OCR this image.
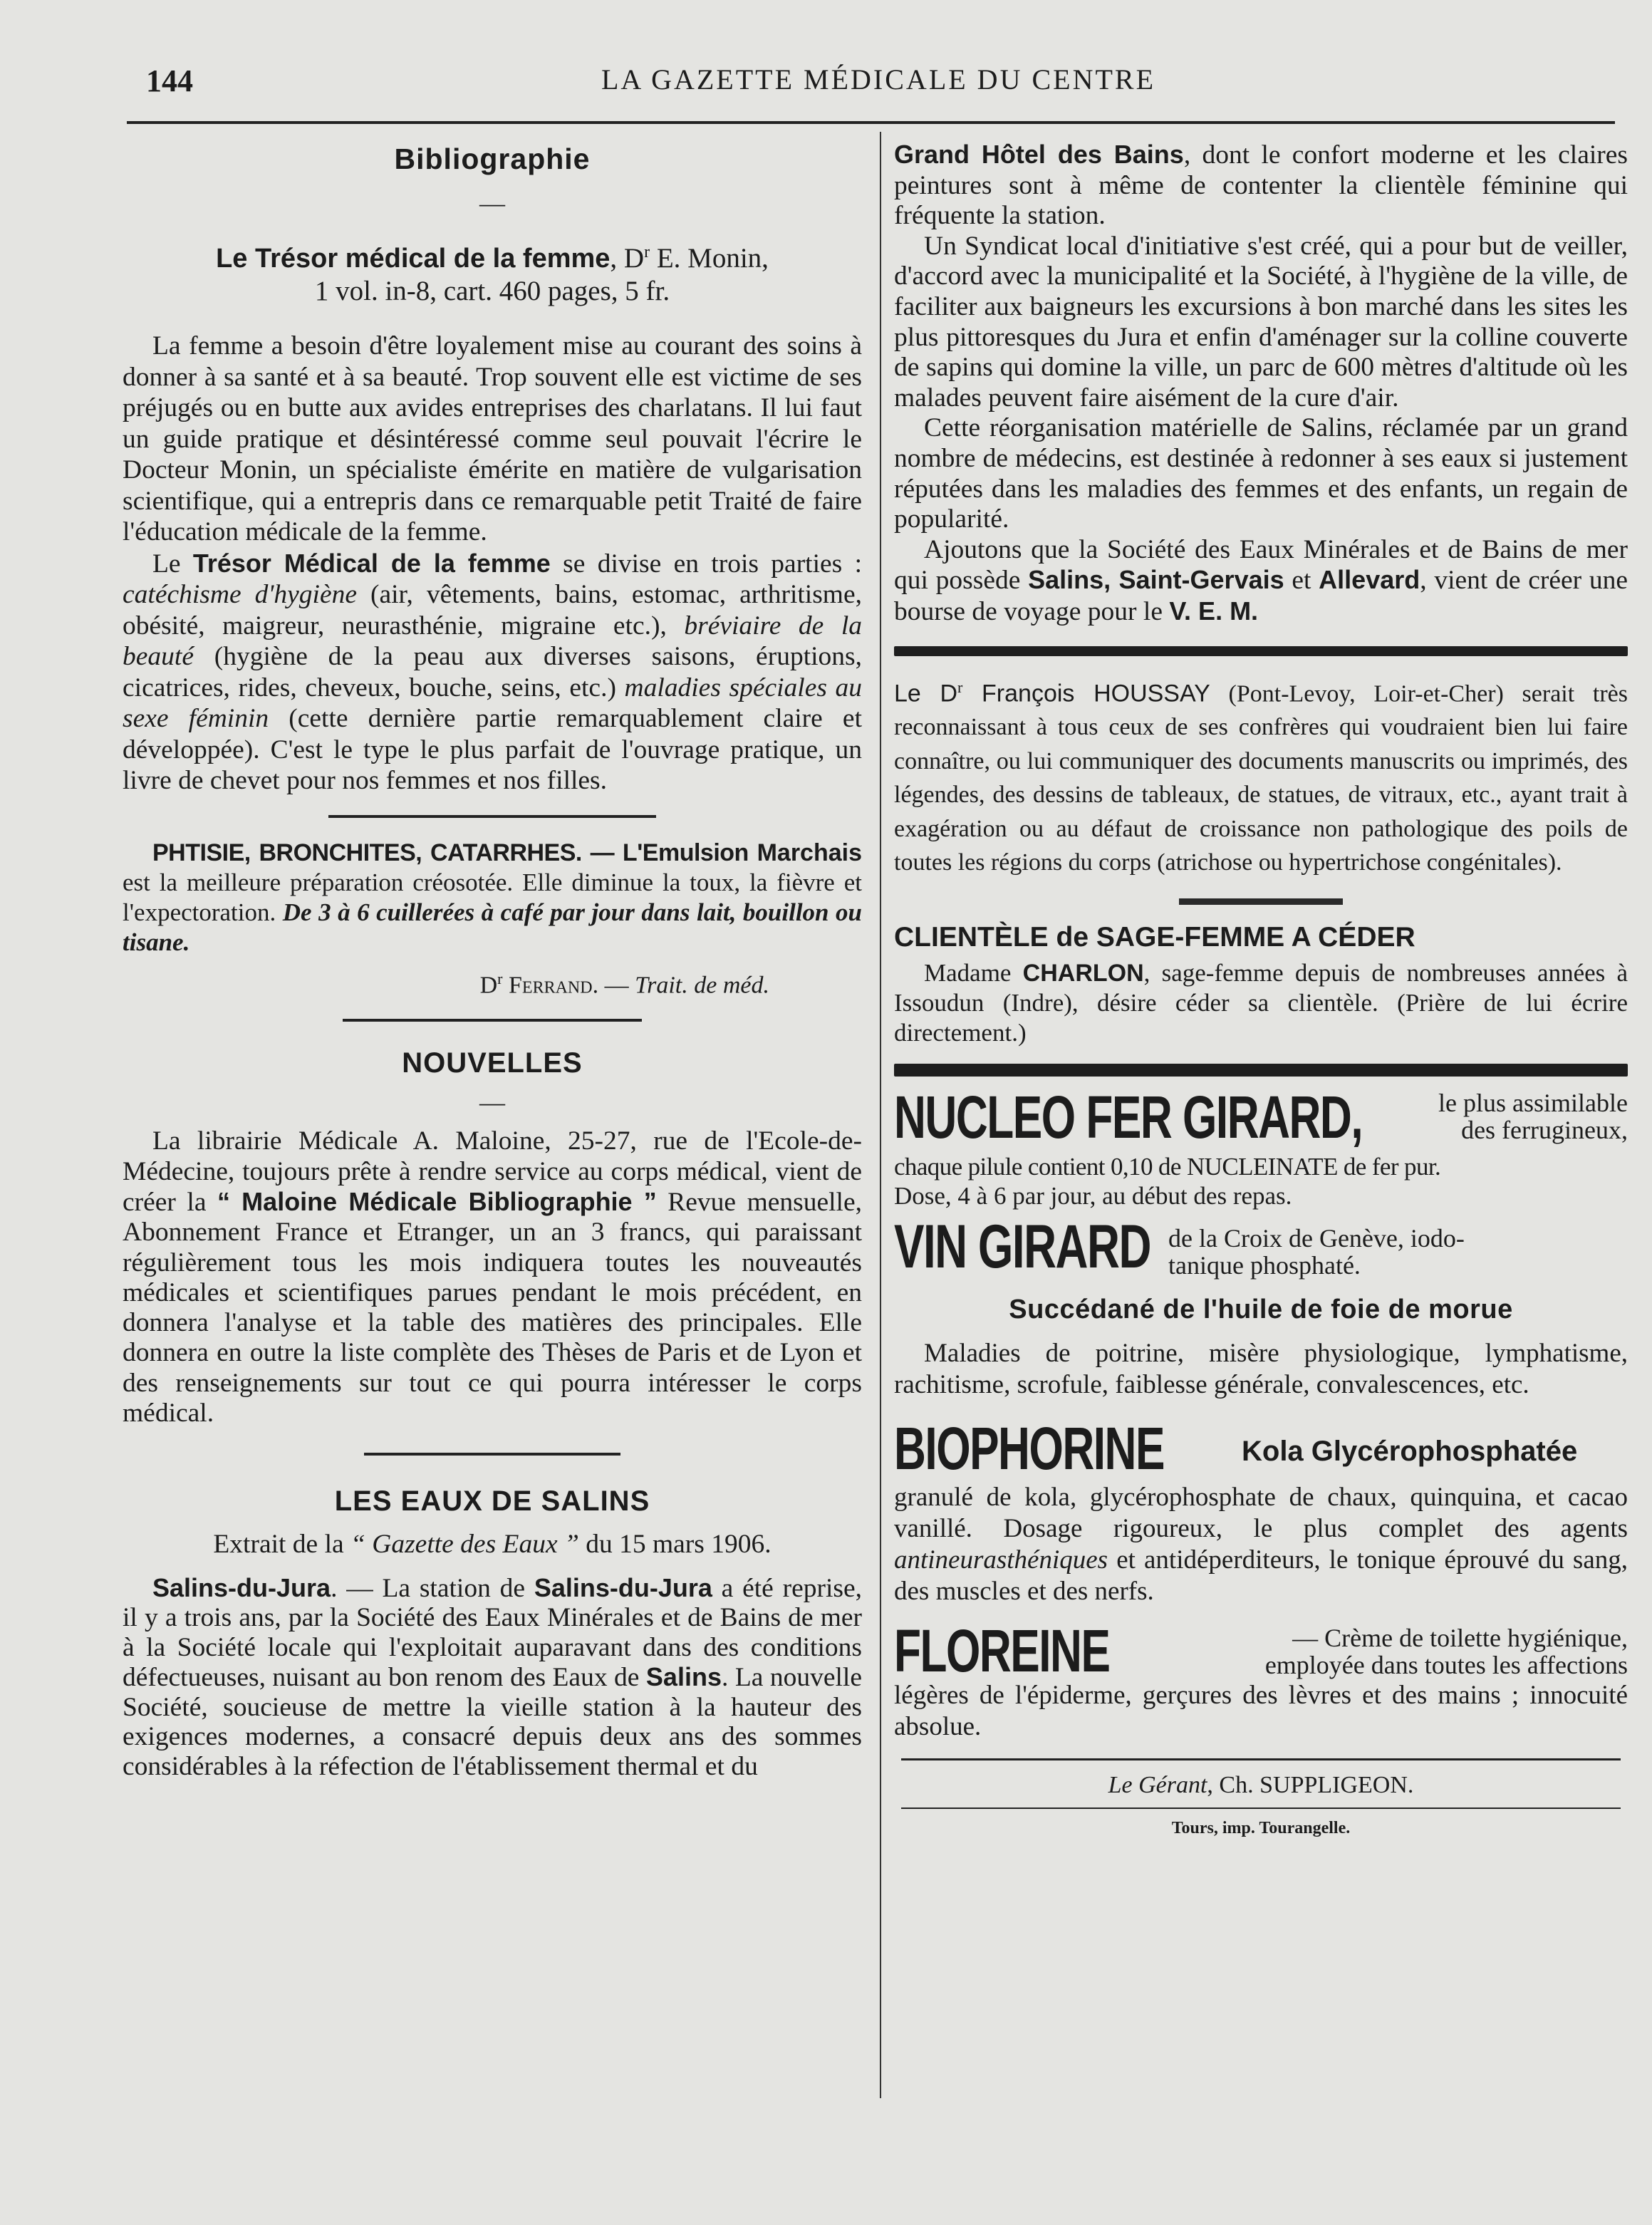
144	LA GAZETTE MÉDICALE DU CENTRE
Bibliographie
—

Le Trésor médical de la femme, $D^r$ E. Monin,
1 vol. in-8, cart. 460 pages, 5 fr.

La femme a besoin d'être loyalement mise au courant des soins à donner à sa santé et à sa beauté. Trop souvent elle est victime de ses préjugés ou en butte aux avides entreprises des charlatans. Il lui faut un guide pratique et désintéressé comme seul pouvait l'écrire le Docteur Monin, un spécialiste émérite en matière de vulgarisation scientifique, qui a entrepris dans ce remarquable petit Traité de faire l'éducation médicale de la femme.

Le Trésor Médical de la femme se divise en trois parties : catéchisme d'hygiène (air, vêtements, bains, estomac, arthritisme, obésité, maigreur, neurasthénie, migraine etc.), bréviaire de la beauté (hygiène de la peau aux diverses saisons, éruptions, cicatrices, rides, cheveux, bouche, seins, etc.) maladies spéciales au sexe féminin (cette dernière partie remarquablement claire et développée). C'est le type le plus parfait de l'ouvrage pratique, un livre de chevet pour nos femmes et nos filles.

PHTISIE, BRONCHITES, CATARRHES. — L'Emulsion Marchais est la meilleure préparation créosotée. Elle diminue la toux, la fièvre et l'expectoration. De 3 à 6 cuillerées à café par jour dans lait, bouillon ou tisane.

$D^r$ Ferrand. — Trait. de méd.

NOUVELLES
—

La librairie Médicale A. Maloine, 25-27, rue de l'Ecole-de-Médecine, toujours prête à rendre service au corps médical, vient de créer la “ Maloine Médicale Bibliographie ” Revue mensuelle, Abonnement France et Etranger, un an 3 francs, qui paraissant régulièrement tous les mois indiquera toutes les nouveautés médicales et scientifiques parues pendant le mois précédent, en donnera l'analyse et la table des matières des principales. Elle donnera en outre la liste complète des Thèses de Paris et de Lyon et des renseignements sur tout ce qui pourra intéresser le corps médical.

LES EAUX DE SALINS

Extrait de la “ Gazette des Eaux ” du 15 mars 1906.

Salins-du-Jura. — La station de Salins-du-Jura a été reprise, il y a trois ans, par la Société des Eaux Minérales et de Bains de mer à la Société locale qui l'exploitait auparavant dans des conditions défectueuses, nuisant au bon renom des Eaux de Salins. La nouvelle Société, soucieuse de mettre la vieille station à la hauteur des exigences modernes, a consacré depuis deux ans des sommes considérables à la réfection de l'établissement thermal et du

Grand Hôtel des Bains, dont le confort moderne et les claires peintures sont à même de contenter la clientèle féminine qui fréquente la station.

Un Syndicat local d'initiative s'est créé, qui a pour but de veiller, d'accord avec la municipalité et la Société, à l'hygiène de la ville, de faciliter aux baigneurs les excursions à bon marché dans les sites les plus pittoresques du Jura et enfin d'aménager sur la colline couverte de sapins qui domine la ville, un parc de 600 mètres d'altitude où les malades peuvent faire aisément de la cure d'air.

Cette réorganisation matérielle de Salins, réclamée par un grand nombre de médecins, est destinée à redonner à ses eaux si justement réputées dans les maladies des femmes et des enfants, un regain de popularité.

Ajoutons que la Société des Eaux Minérales et de Bains de mer qui possède Salins, Saint-Gervais et Allevard, vient de créer une bourse de voyage pour le V. E. M.

Le $D^r$ François HOUSSAY (Pont-Levoy, Loir-et-Cher) serait très reconnaissant à tous ceux de ses confrères qui voudraient bien lui faire connaître, ou lui communiquer des documents manuscrits ou imprimés, des légendes, des dessins de tableaux, de statues, de vitraux, etc., ayant trait à exagération ou au défaut de croissance non pathologique des poils de toutes les régions du corps (atrichose ou hypertrichose congénitales).

CLIENTÈLE de SAGE-FEMME A CÉDER

Madame CHARLON, sage-femme depuis de nombreuses années à Issoudun (Indre), désire céder sa clientèle. (Prière de lui écrire directement.)

NUCLEO FER GIRARD,	le plus assimilable
des ferrugineux,

chaque pilule contient 0,10 de NUCLEINATE de fer pur.

Dose, 4 à 6 par jour, au début des repas.

VIN GIRARD de la Croix de Genève, iodo-
tanique phosphaté.

Succédané de l'huile de foie de morue

Maladies de poitrine, misère physiologique, lymphatisme, rachitisme, scrofule, faiblesse générale, convalescences, etc.

BIOPHORINE	Kola Glycérophosphatée

granulé de kola, glycérophosphate de chaux, quinquina, et cacao vanillé. Dosage rigoureux, le plus complet des agents antineurasthéniques et antidéperditeurs, le tonique éprouvé du sang, des muscles et des nerfs.

FLOREINE	— Crème de toilette hygiénique,
employée dans toutes les affections

légères de l'épiderme, gerçures des lèvres et des mains ; innocuité absolue.

Le Gérant, Ch. SUPPLIGEON.

Tours, imp. Tourangelle.
